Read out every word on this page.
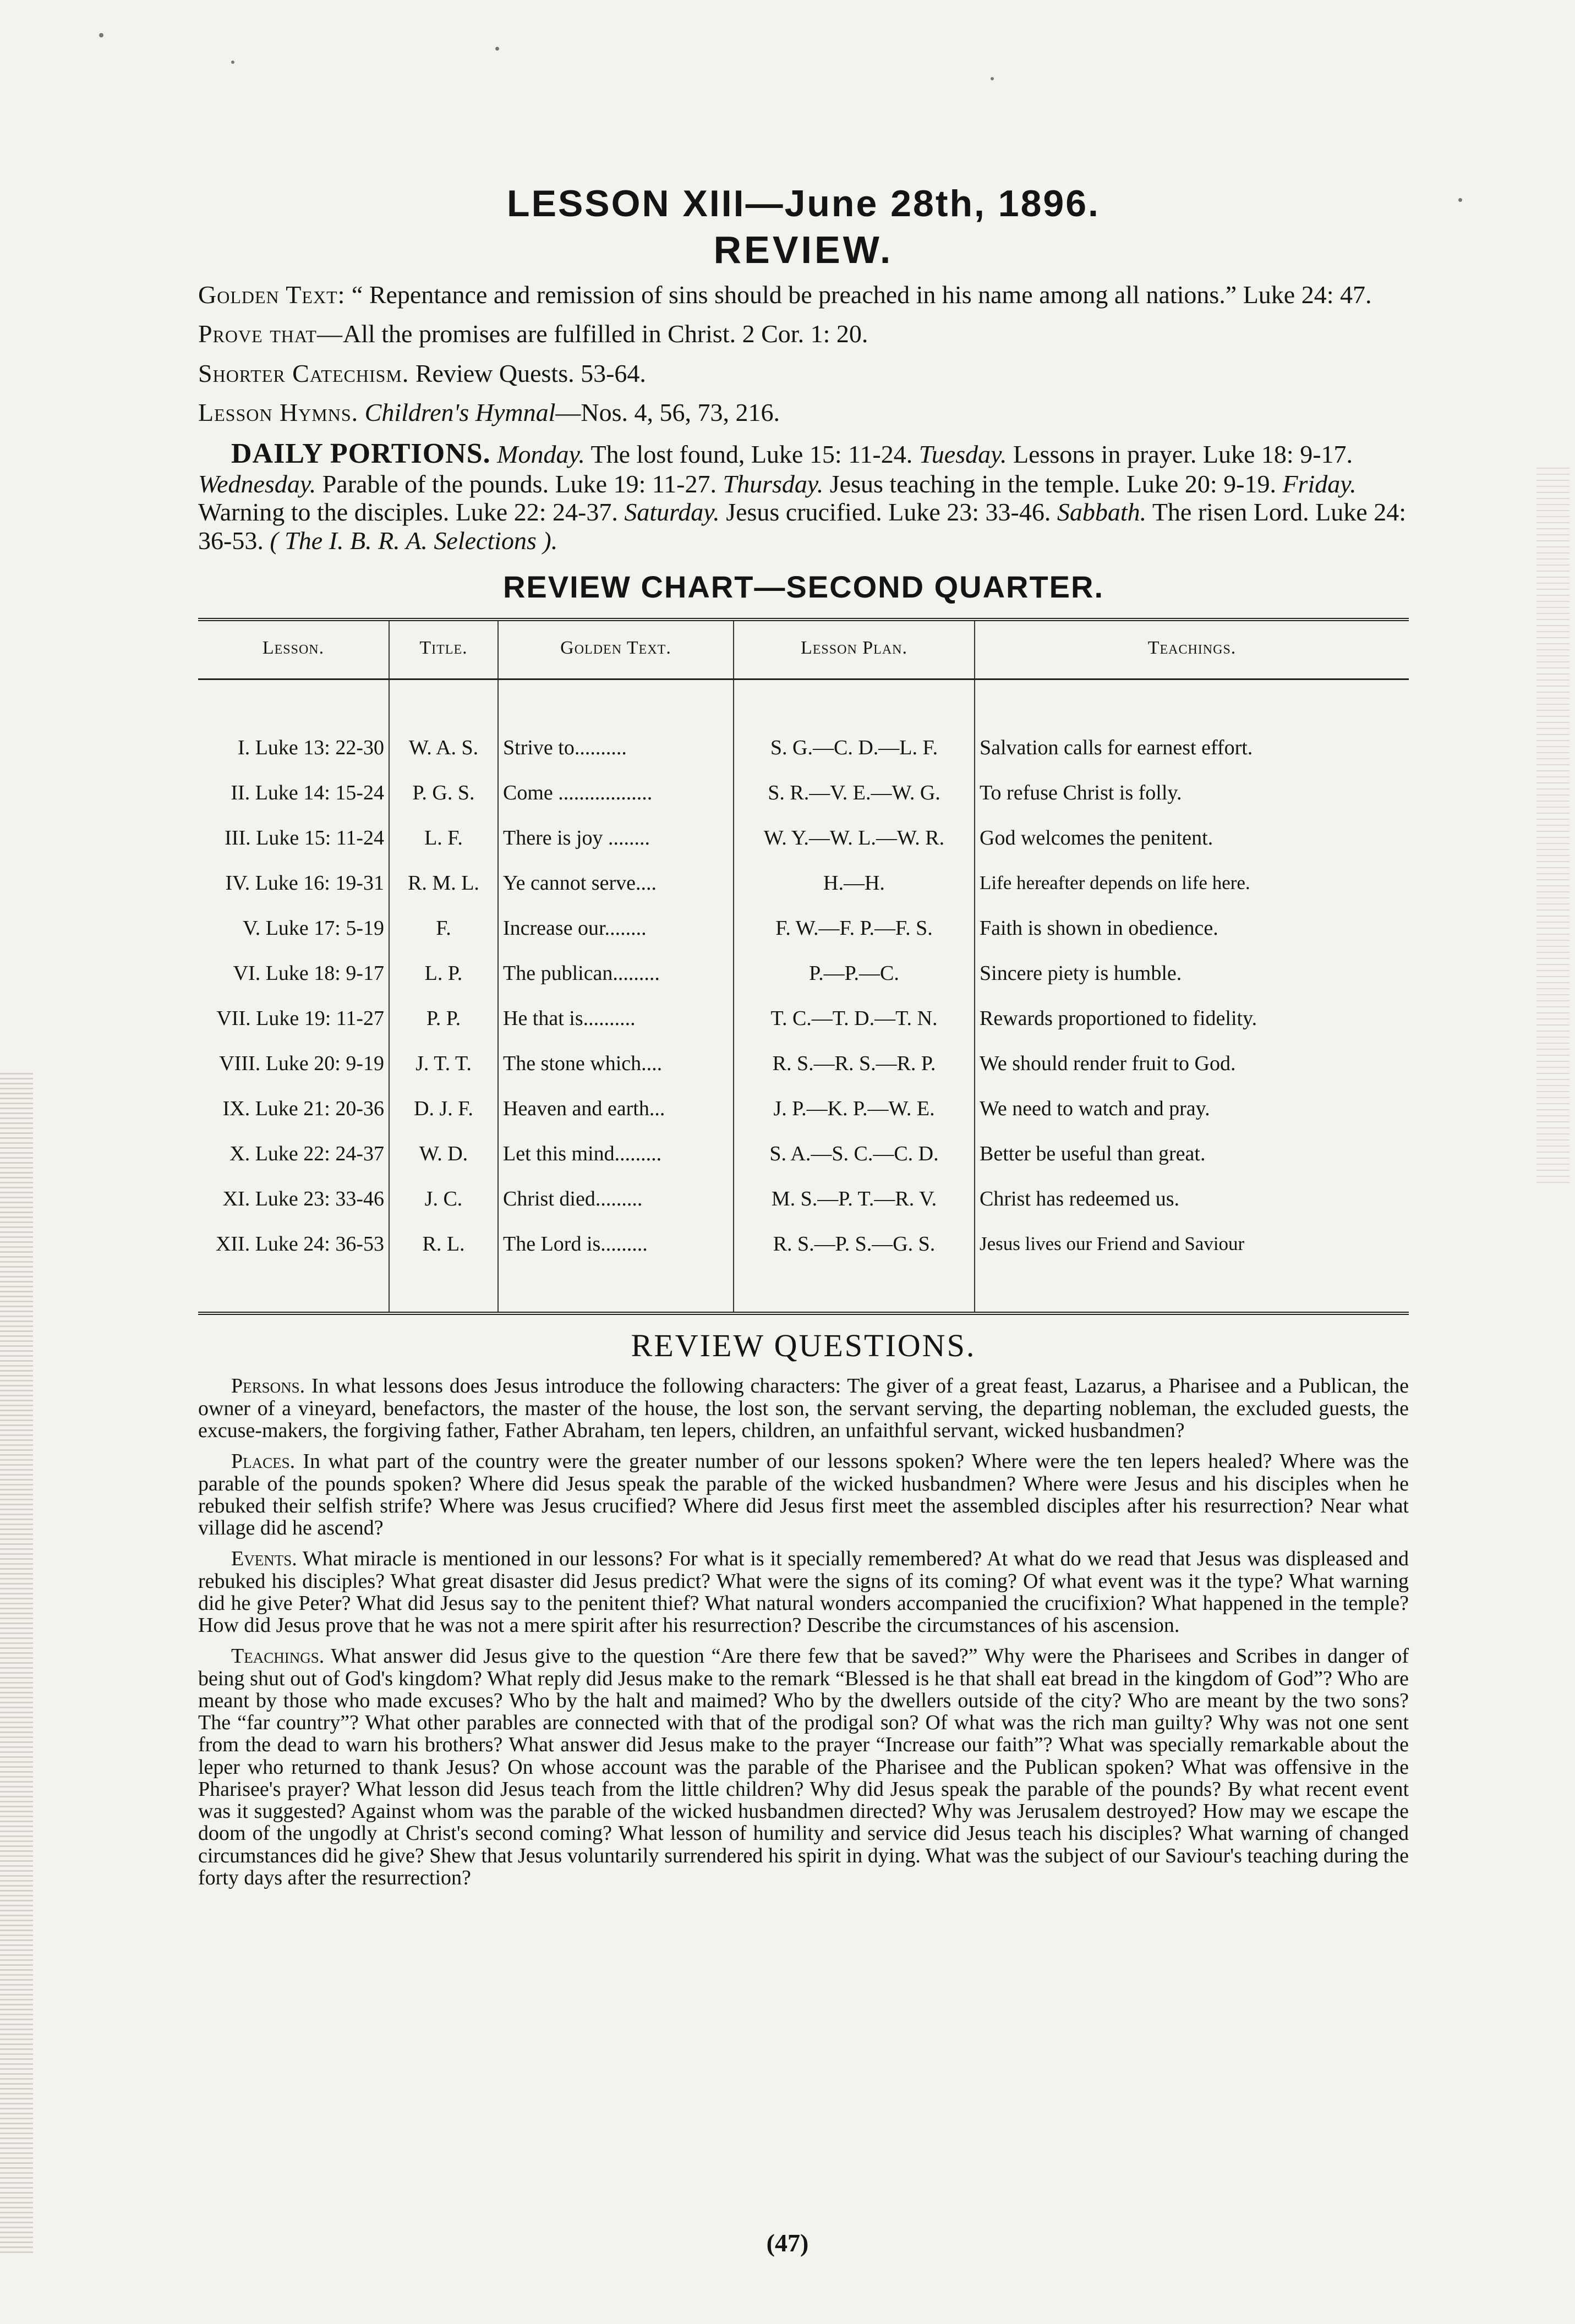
LESSON XIII—June 28th, 1896.
REVIEW.

Golden Text: “ Repentance and remission of sins should be preached in his name among all nations.” Luke 24: 47.

Prove that—All the promises are fulfilled in Christ. 2 Cor. 1: 20.

Shorter Catechism. Review Quests. 53-64.

Lesson Hymns. Children's Hymnal—Nos. 4, 56, 73, 216.

DAILY PORTIONS. Monday. The lost found, Luke 15: 11-24. Tuesday. Lessons in prayer. Luke 18: 9-17. Wednesday. Parable of the pounds. Luke 19: 11-27. Thursday. Jesus teaching in the temple. Luke 20: 9-19. Friday. Warning to the disciples. Luke 22: 24-37. Saturday. Jesus crucified. Luke 23: 33-46. Sabbath. The risen Lord. Luke 24: 36-53. ( The I. B. R. A. Selections ).

REVIEW CHART—SECOND QUARTER.
Lesson.	Title.	Golden Text.	Lesson Plan.	Teachings.

I. Luke 13: 22-30	W. A. S.	Strive to..........	S. G.—C. D.—L. F.	Salvation calls for earnest effort.
II. Luke 14: 15-24	P. G. S.	Come ..................	S. R.—V. E.—W. G.	To refuse Christ is folly.
III. Luke 15: 11-24	L. F.	There is joy ........	W. Y.—W. L.—W. R.	God welcomes the penitent.
IV. Luke 16: 19-31	R. M. L.	Ye cannot serve....	H.—H.	Life hereafter depends on life here.
V. Luke 17: 5-19	F.	Increase our........	F. W.—F. P.—F. S.	Faith is shown in obedience.
VI. Luke 18: 9-17	L. P.	The publican.........	P.—P.—C.	Sincere piety is humble.
VII. Luke 19: 11-27	P. P.	He that is..........	T. C.—T. D.—T. N.	Rewards proportioned to fidelity.
VIII. Luke 20: 9-19	J. T. T.	The stone which....	R. S.—R. S.—R. P.	We should render fruit to God.
IX. Luke 21: 20-36	D. J. F.	Heaven and earth...	J. P.—K. P.—W. E.	We need to watch and pray.
X. Luke 22: 24-37	W. D.	Let this mind.........	S. A.—S. C.—C. D.	Better be useful than great.
XI. Luke 23: 33-46	J. C.	Christ died.........	M. S.—P. T.—R. V.	Christ has redeemed us.
XII. Luke 24: 36-53	R. L.	The Lord is.........	R. S.—P. S.—G. S.	Jesus lives our Friend and Saviour

REVIEW QUESTIONS.

Persons. In what lessons does Jesus introduce the following characters: The giver of a great feast, Lazarus, a Pharisee and a Publican, the owner of a vineyard, benefactors, the master of the house, the lost son, the servant serving, the departing nobleman, the excluded guests, the excuse-makers, the forgiving father, Father Abraham, ten lepers, children, an unfaithful servant, wicked husbandmen?

Places. In what part of the country were the greater number of our lessons spoken? Where were the ten lepers healed? Where was the parable of the pounds spoken? Where did Jesus speak the parable of the wicked husbandmen? Where were Jesus and his disciples when he rebuked their selfish strife? Where was Jesus crucified? Where did Jesus first meet the assembled disciples after his resurrection? Near what village did he ascend?

Events. What miracle is mentioned in our lessons? For what is it specially remembered? At what do we read that Jesus was displeased and rebuked his disciples? What great disaster did Jesus predict? What were the signs of its coming? Of what event was it the type? What warning did he give Peter? What did Jesus say to the penitent thief? What natural wonders accompanied the crucifixion? What happened in the temple? How did Jesus prove that he was not a mere spirit after his resurrection? Describe the circumstances of his ascension.

Teachings. What answer did Jesus give to the question “Are there few that be saved?” Why were the Pharisees and Scribes in danger of being shut out of God's kingdom? What reply did Jesus make to the remark “Blessed is he that shall eat bread in the kingdom of God”? Who are meant by those who made excuses? Who by the halt and maimed? Who by the dwellers outside of the city? Who are meant by the two sons? The “far country”? What other parables are connected with that of the prodigal son? Of what was the rich man guilty? Why was not one sent from the dead to warn his brothers? What answer did Jesus make to the prayer “Increase our faith”? What was specially remarkable about the leper who returned to thank Jesus? On whose account was the parable of the Pharisee and the Publican spoken? What was offensive in the Pharisee's prayer? What lesson did Jesus teach from the little children? Why did Jesus speak the parable of the pounds? By what recent event was it suggested? Against whom was the parable of the wicked husbandmen directed? Why was Jerusalem destroyed? How may we escape the doom of the ungodly at Christ's second coming? What lesson of humility and service did Jesus teach his disciples? What warning of changed circumstances did he give? Shew that Jesus voluntarily surrendered his spirit in dying. What was the subject of our Saviour's teaching during the forty days after the resurrection?

(47)
